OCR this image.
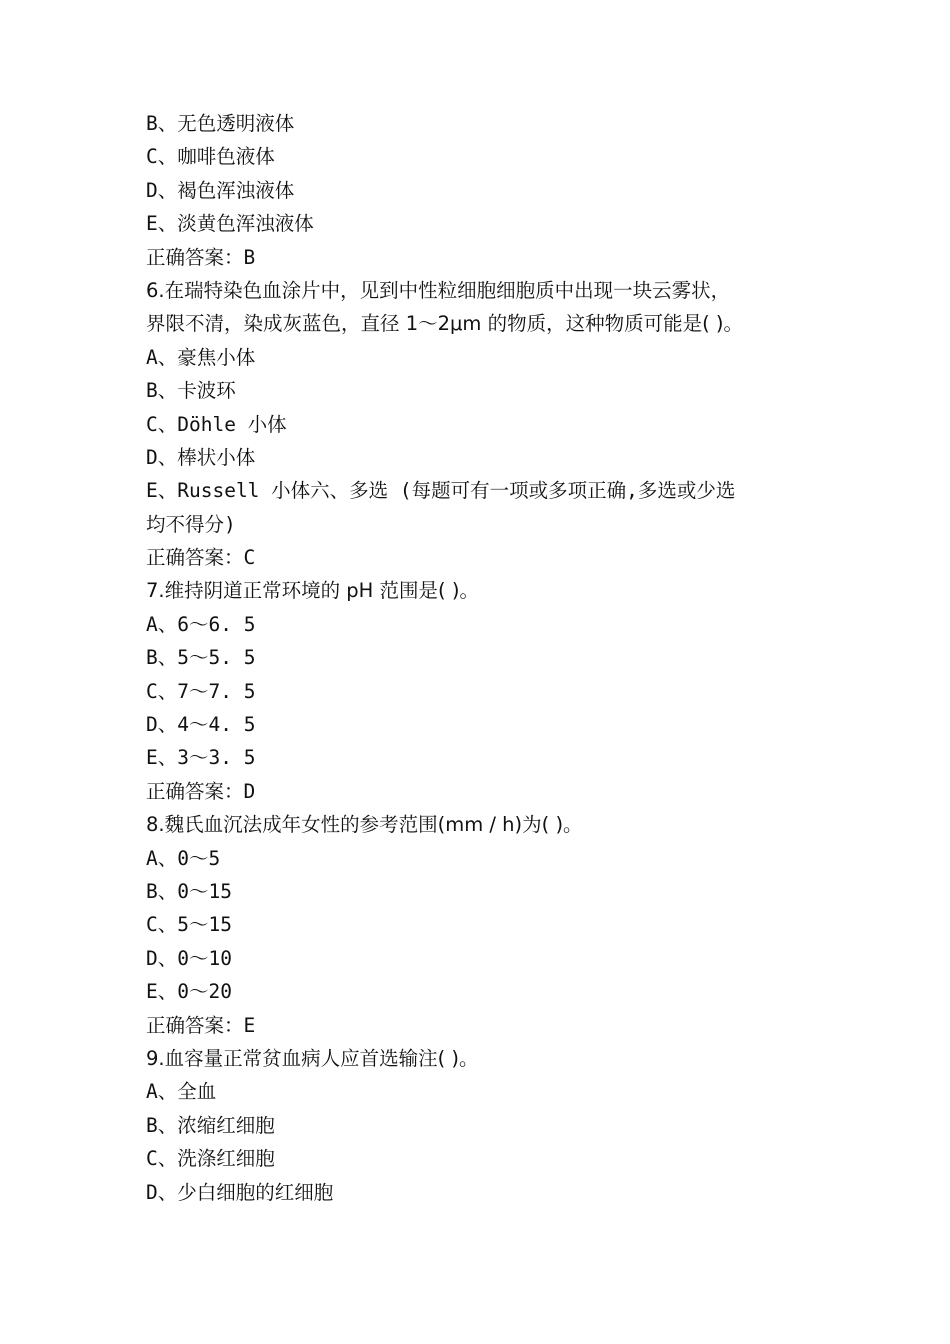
B、无色透明液体
C、咖啡色液体
D、褐色浑浊液体
E、淡黄色浑浊液体
正确答案：B
6.在瑞特染色血涂片中，见到中性粒细胞细胞质中出现一块云雾状，
界限不清，染成灰蓝色，直径 1～2μm 的物质，这种物质可能是( )。
A、豪焦小体
B、卡波环
C、Döhle 小体
D、棒状小体
E、Russell 小体六、多选 (每题可有一项或多项正确,多选或少选
均不得分)
正确答案：C
7.维持阴道正常环境的 pH 范围是( )。
A、6～6. 5
B、5～5. 5
C、7～7. 5
D、4～4. 5
E、3～3. 5
正确答案：D
8.魏氏血沉法成年女性的参考范围(mm / h)为( )。
A、0～5
B、0～15
C、5～15
D、0～10
E、0～20
正确答案：E
9.血容量正常贫血病人应首选输注( )。
A、全血
B、浓缩红细胞
C、洗涤红细胞
D、少白细胞的红细胞
